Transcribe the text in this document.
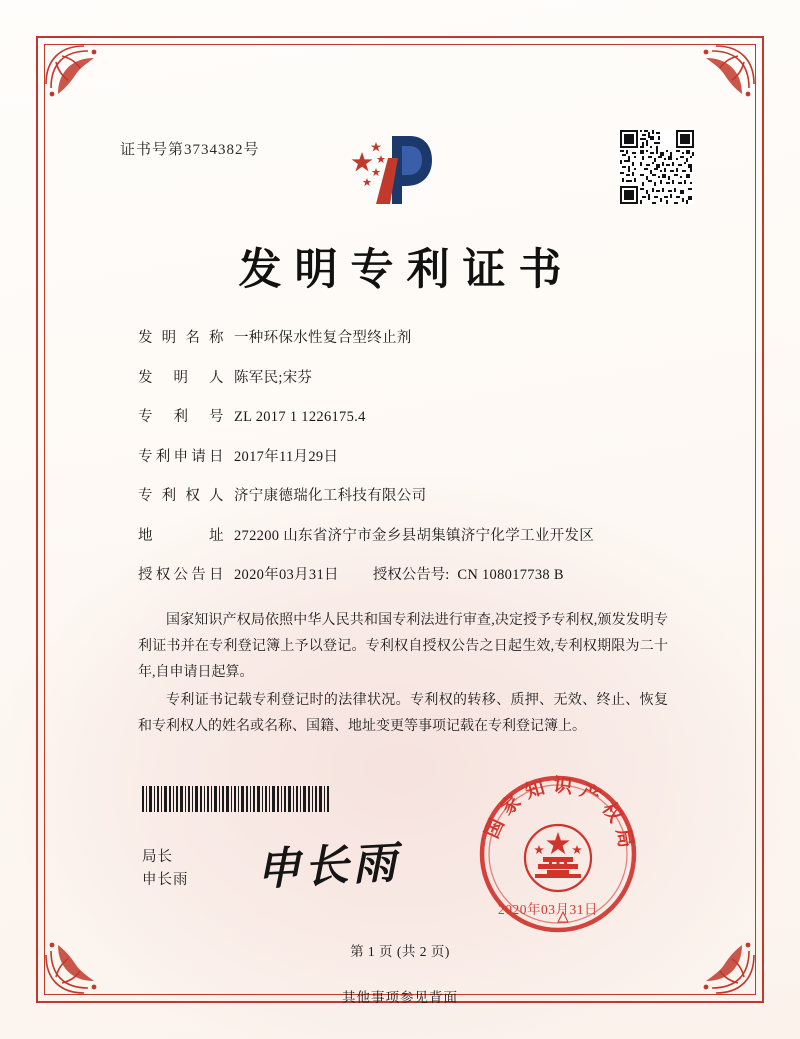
证书号第3734382号
发明专利证书
发明名称 一种环保水性复合型终止剂
发明人 陈军民;宋芬
专利号 ZL 2017 1 1226175.4
专利申请日 2017年11月29日
专利权人 济宁康德瑞化工科技有限公司
地址 272200 山东省济宁市金乡县胡集镇济宁化学工业开发区
授权公告日 2020年03月31日 授权公告号: CN 108017738 B

国家知识产权局依照中华人民共和国专利法进行审查,决定授予专利权,颁发发明专利证书并在专利登记簿上予以登记。专利权自授权公告之日起生效,专利权期限为二十年,自申请日起算。

专利证书记载专利登记时的法律状况。专利权的转移、质押、无效、终止、恢复和专利权人的姓名或名称、国籍、地址变更等事项记载在专利登记簿上。

局长
申长雨 申长雨
国家知识产权局
2020年03月31日
第 1 页 (共 2 页)
其他事项参见背面
